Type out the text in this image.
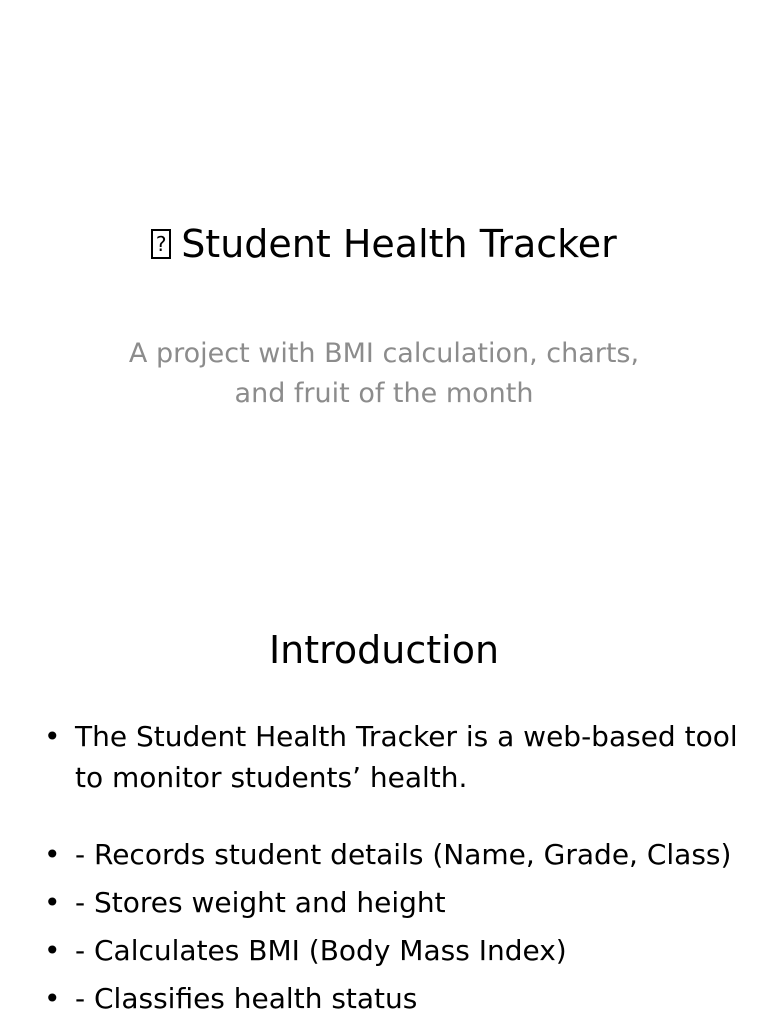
? Student Health Tracker
A project with BMI calculation, charts, and fruit of the month
Introduction
• The Student Health Tracker is a web-based tool to monitor students’ health.
• - Records student details (Name, Grade, Class)
• - Stores weight and height
• - Calculates BMI (Body Mass Index)
• - Classifies health status
